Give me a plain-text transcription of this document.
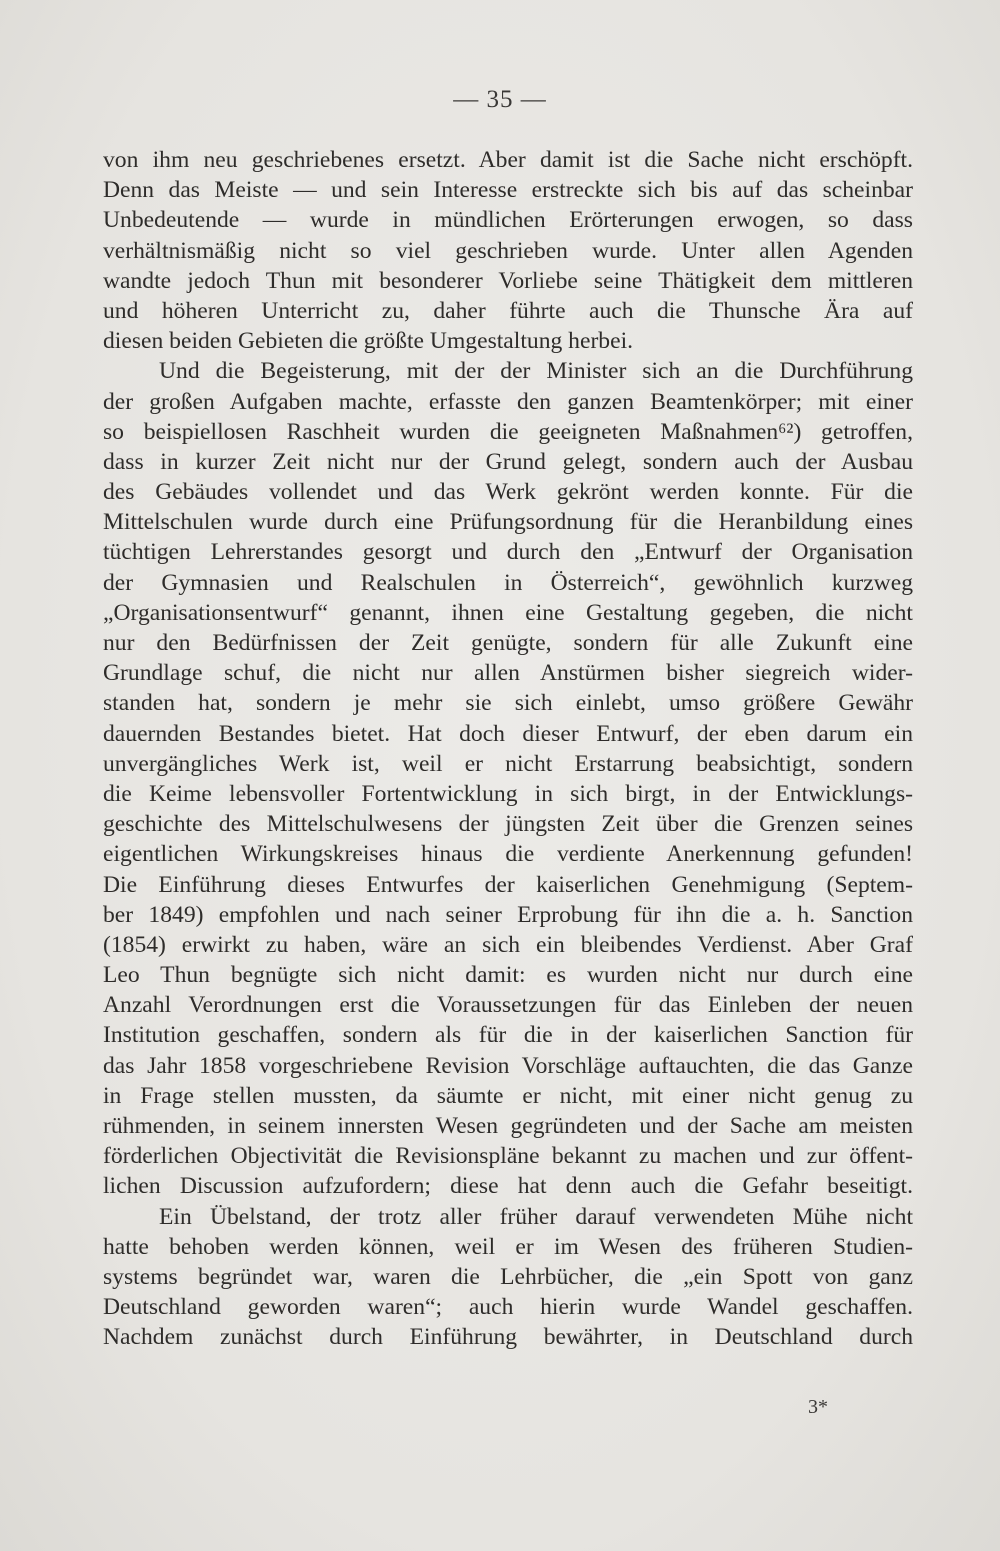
— 35 —
von ihm neu geschriebenes ersetzt. Aber damit ist die Sache nicht erschöpft.
Denn das Meiste — und sein Interesse erstreckte sich bis auf das scheinbar
Unbedeutende — wurde in mündlichen Erörterungen erwogen, so dass
verhältnismäßig nicht so viel geschrieben wurde. Unter allen Agenden
wandte jedoch Thun mit besonderer Vorliebe seine Thätigkeit dem mittleren
und höheren Unterricht zu, daher führte auch die Thunsche Ära auf
diesen beiden Gebieten die größte Umgestaltung herbei.
Und die Begeisterung, mit der der Minister sich an die Durchführung
der großen Aufgaben machte, erfasste den ganzen Beamtenkörper; mit einer
so beispiellosen Raschheit wurden die geeigneten Maßnahmen⁶²) getroffen,
dass in kurzer Zeit nicht nur der Grund gelegt, sondern auch der Ausbau
des Gebäudes vollendet und das Werk gekrönt werden konnte. Für die
Mittelschulen wurde durch eine Prüfungsordnung für die Heranbildung eines
tüchtigen Lehrerstandes gesorgt und durch den „Entwurf der Organisation
der Gymnasien und Realschulen in Österreich“, gewöhnlich kurzweg
„Organisationsentwurf“ genannt, ihnen eine Gestaltung gegeben, die nicht
nur den Bedürfnissen der Zeit genügte, sondern für alle Zukunft eine
Grundlage schuf, die nicht nur allen Anstürmen bisher siegreich wider-
standen hat, sondern je mehr sie sich einlebt, umso größere Gewähr
dauernden Bestandes bietet. Hat doch dieser Entwurf, der eben darum ein
unvergängliches Werk ist, weil er nicht Erstarrung beabsichtigt, sondern
die Keime lebensvoller Fortentwicklung in sich birgt, in der Entwicklungs-
geschichte des Mittelschulwesens der jüngsten Zeit über die Grenzen seines
eigentlichen Wirkungskreises hinaus die verdiente Anerkennung gefunden!
Die Einführung dieses Entwurfes der kaiserlichen Genehmigung (Septem-
ber 1849) empfohlen und nach seiner Erprobung für ihn die a. h. Sanction
(1854) erwirkt zu haben, wäre an sich ein bleibendes Verdienst. Aber Graf
Leo Thun begnügte sich nicht damit: es wurden nicht nur durch eine
Anzahl Verordnungen erst die Voraussetzungen für das Einleben der neuen
Institution geschaffen, sondern als für die in der kaiserlichen Sanction für
das Jahr 1858 vorgeschriebene Revision Vorschläge auftauchten, die das Ganze
in Frage stellen mussten, da säumte er nicht, mit einer nicht genug zu
rühmenden, in seinem innersten Wesen gegründeten und der Sache am meisten
förderlichen Objectivität die Revisionspläne bekannt zu machen und zur öffent-
lichen Discussion aufzufordern; diese hat denn auch die Gefahr beseitigt.
Ein Übelstand, der trotz aller früher darauf verwendeten Mühe nicht
hatte behoben werden können, weil er im Wesen des früheren Studien-
systems begründet war, waren die Lehrbücher, die „ein Spott von ganz
Deutschland geworden waren“; auch hierin wurde Wandel geschaffen.
Nachdem zunächst durch Einführung bewährter, in Deutschland durch
3*
